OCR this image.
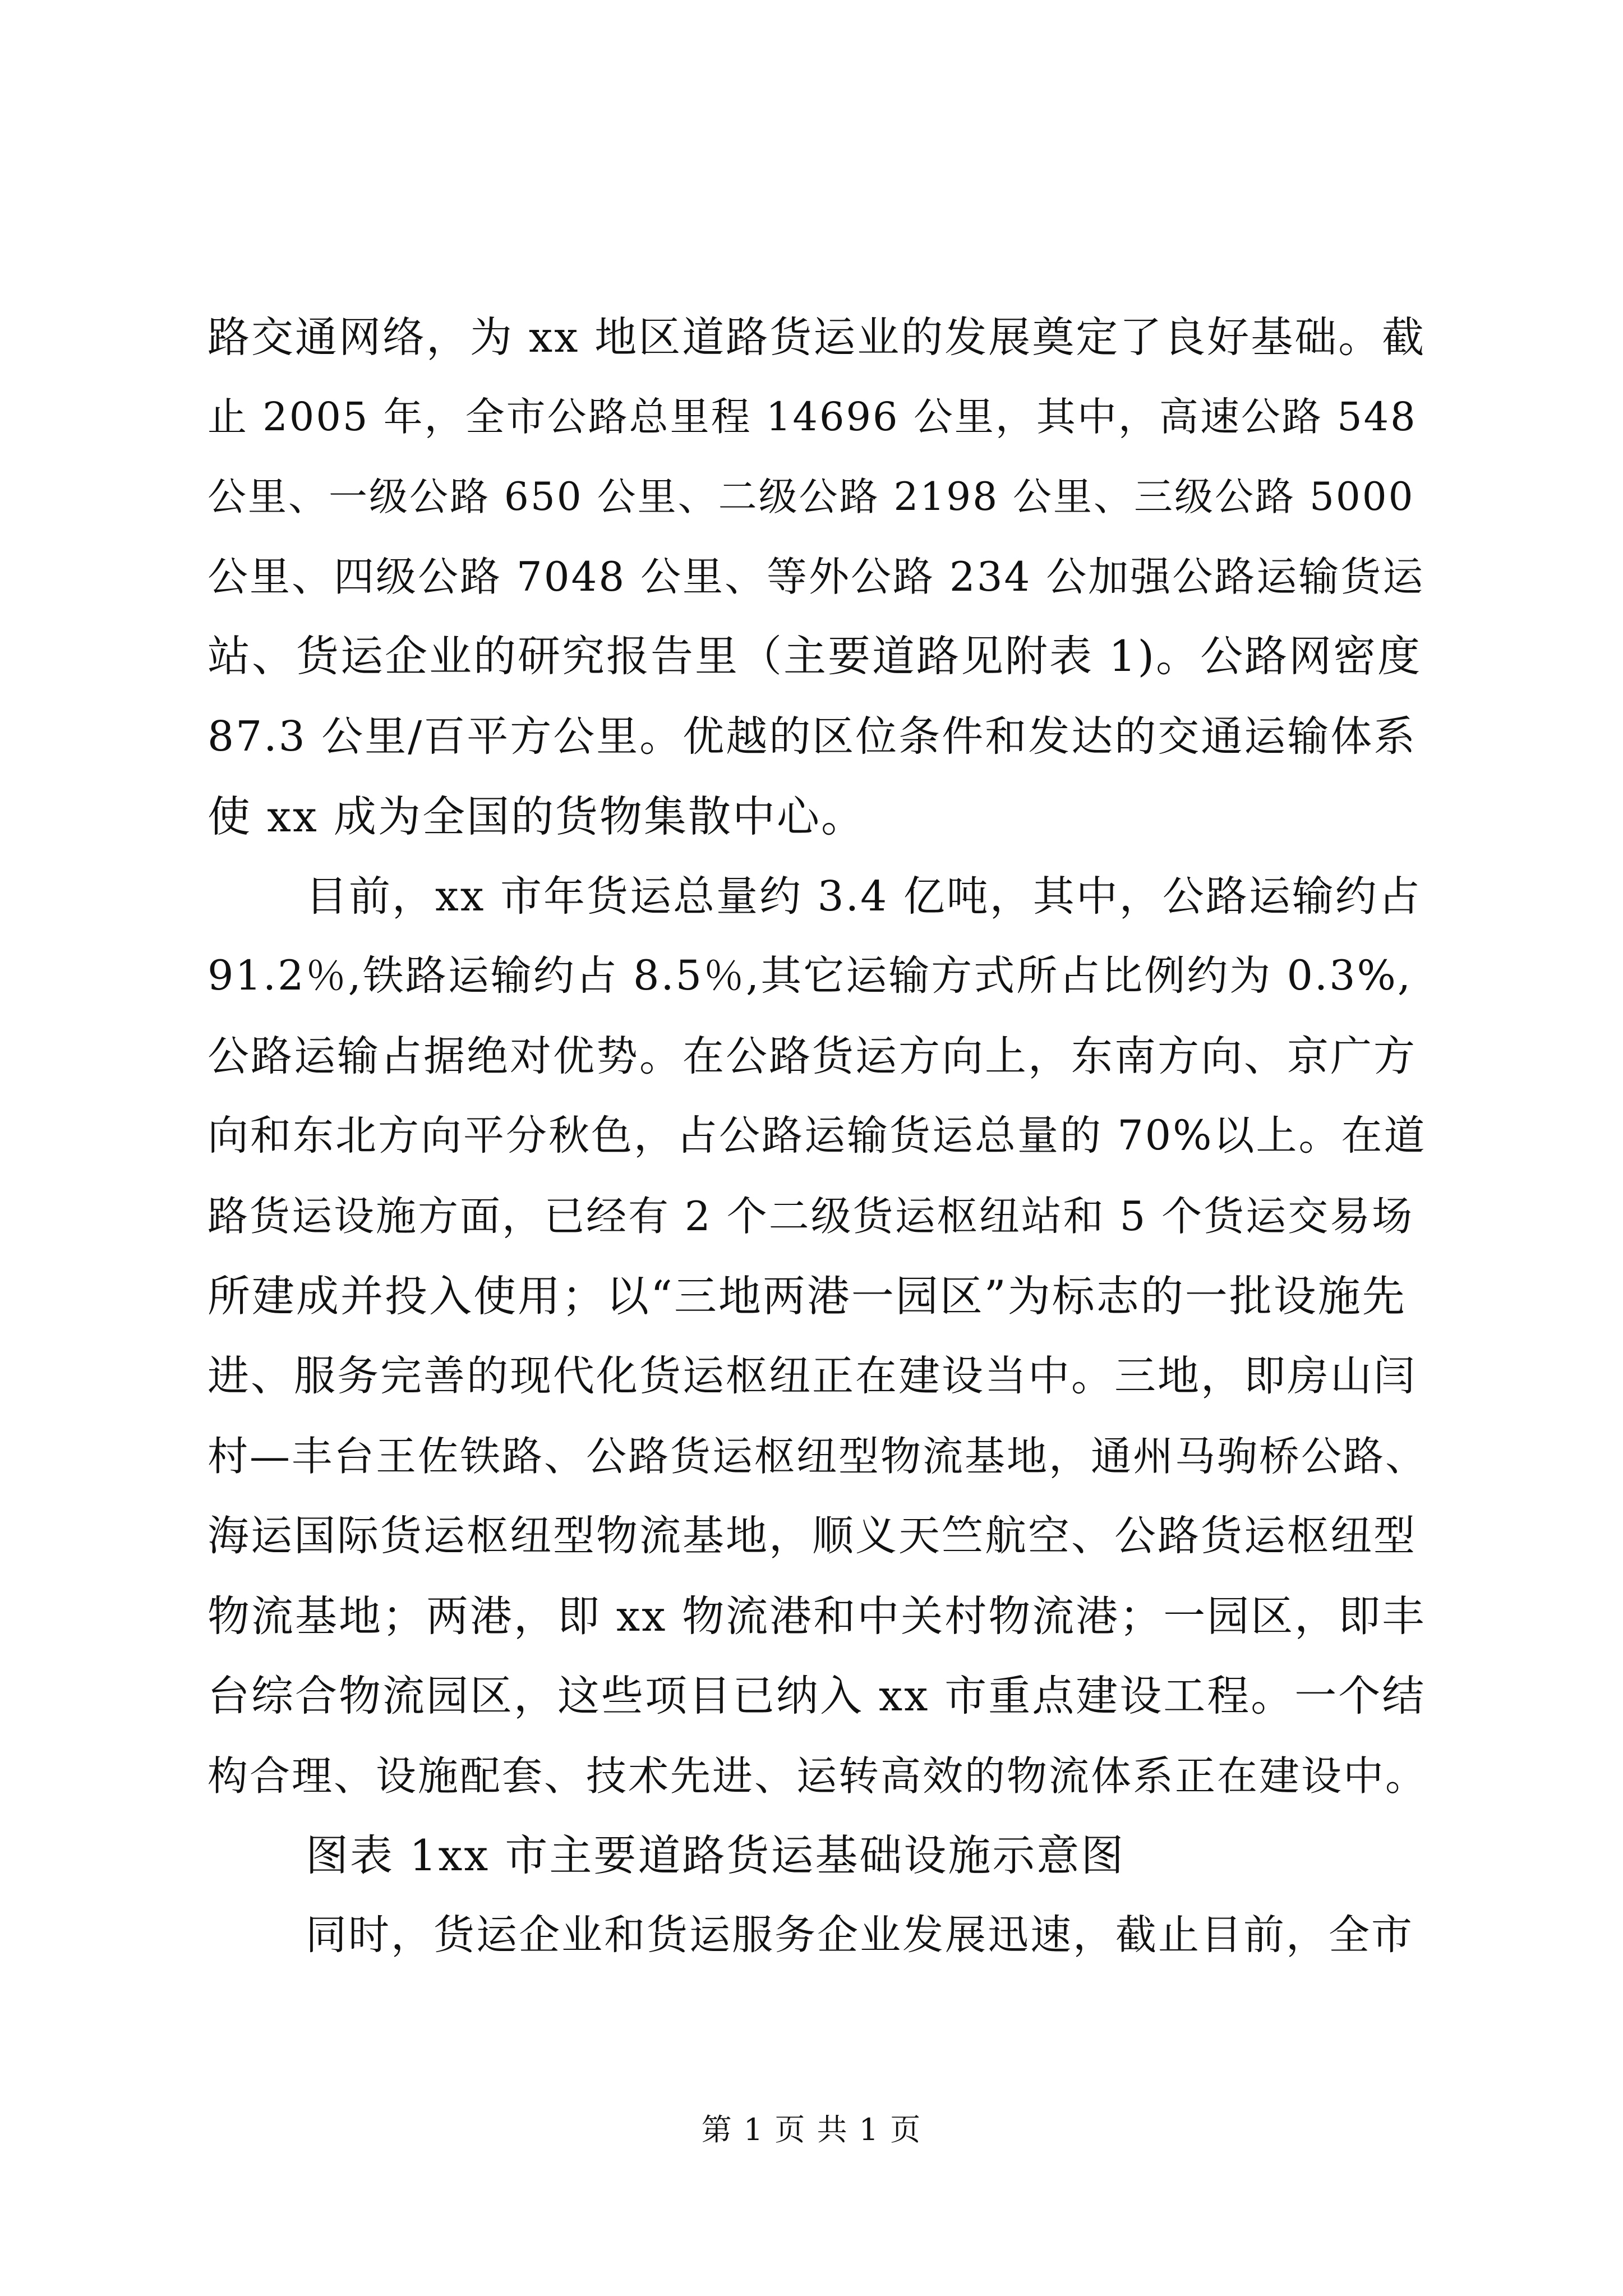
路交通网络，为 xx 地区道路货运业的发展奠定了良好基础。截
止 2005 年，全市公路总里程 14696 公里，其中，高速公路 548
公里、一级公路 650 公里、二级公路 2198 公里、三级公路 5000
公里、四级公路 7048 公里、等外公路 234 公加强公路运输货运
站、货运企业的研究报告里（主要道路见附表 1)。公路网密度
87.3 公里/百平方公里。优越的区位条件和发达的交通运输体系
使 xx 成为全国的货物集散中心。
目前，xx 市年货运总量约 3.4 亿吨，其中，公路运输约占
91.2％,铁路运输约占 8.5％,其它运输方式所占比例约为 0.3%,
公路运输占据绝对优势。在公路货运方向上，东南方向、京广方
向和东北方向平分秋色，占公路运输货运总量的 70%以上。在道
路货运设施方面，已经有 2 个二级货运枢纽站和 5 个货运交易场
所建成并投入使用；以“三地两港一园区”为标志的一批设施先
进、服务完善的现代化货运枢纽正在建设当中。三地，即房山闫
村—丰台王佐铁路、公路货运枢纽型物流基地，通州马驹桥公路、
海运国际货运枢纽型物流基地，顺义天竺航空、公路货运枢纽型
物流基地；两港，即 xx 物流港和中关村物流港；一园区，即丰
台综合物流园区，这些项目已纳入 xx 市重点建设工程。一个结
构合理、设施配套、技术先进、运转高效的物流体系正在建设中。
图表 1xx 市主要道路货运基础设施示意图
同时，货运企业和货运服务企业发展迅速，截止目前，全市
第 1 页 共 1 页
